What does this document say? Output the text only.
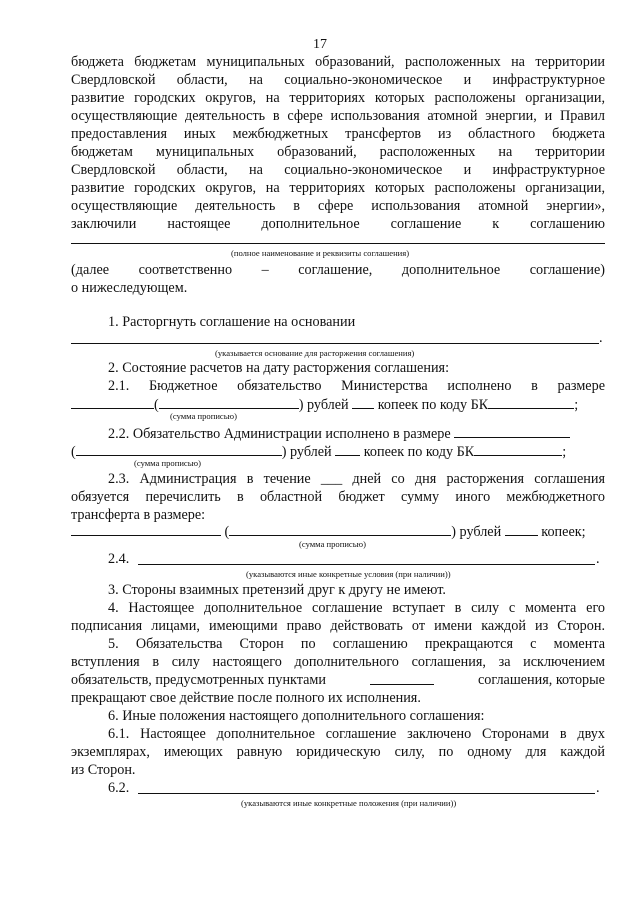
17
бюджета бюджетам муниципальных образований, расположенных на территории
Свердловской области, на социально-экономическое и инфраструктурное
развитие городских округов, на территориях которых расположены организации,
осуществляющие деятельность в сфере использования атомной энергии, и Правил
предоставления иных межбюджетных трансфертов из областного бюджета
бюджетам муниципальных образований, расположенных на территории
Свердловской области, на социально-экономическое и инфраструктурное
развитие городских округов, на территориях которых расположены организации,
осуществляющие деятельность в сфере использования атомной энергии»,
заключили настоящее дополнительное соглашение к соглашению
(полное наименование и реквизиты соглашения)
(далее соответственно – соглашение, дополнительное соглашение)
о нижеследующем.
1. Расторгнуть соглашение на основании
.
(указывается основание для расторжения соглашения)
2. Состояние расчетов на дату расторжения соглашения:
2.1. Бюджетное обязательство Министерства исполнено в размере
(	) рублей копеек по коду БК	;
(сумма прописью)
2.2. Обязательство Администрации исполнено в размере
(	) рублей копеек по коду БК	;
(сумма прописью)
2.3. Администрация в течение ___ дней со дня расторжения соглашения
обязуется перечислить в областной бюджет сумму иного межбюджетного
трансферта в размере:
(	) рублей	копеек;
(сумма прописью)
2.4.	.
(указываются иные конкретные условия (при наличии))
3. Стороны взаимных претензий друг к другу не имеют.
4. Настоящее дополнительное соглашение вступает в силу с момента его
подписания лицами, имеющими право действовать от имени каждой из Сторон.
5. Обязательства Сторон по соглашению прекращаются с момента
вступления в силу настоящего дополнительного соглашения, за исключением
обязательств, предусмотренных пунктами	соглашения, которые
прекращают свое действие после полного их исполнения.
6. Иные положения настоящего дополнительного соглашения:
6.1. Настоящее дополнительное соглашение заключено Сторонами в двух
экземплярах, имеющих равную юридическую силу, по одному для каждой
из Сторон.
6.2.	.
(указываются иные конкретные положения (при наличии))
